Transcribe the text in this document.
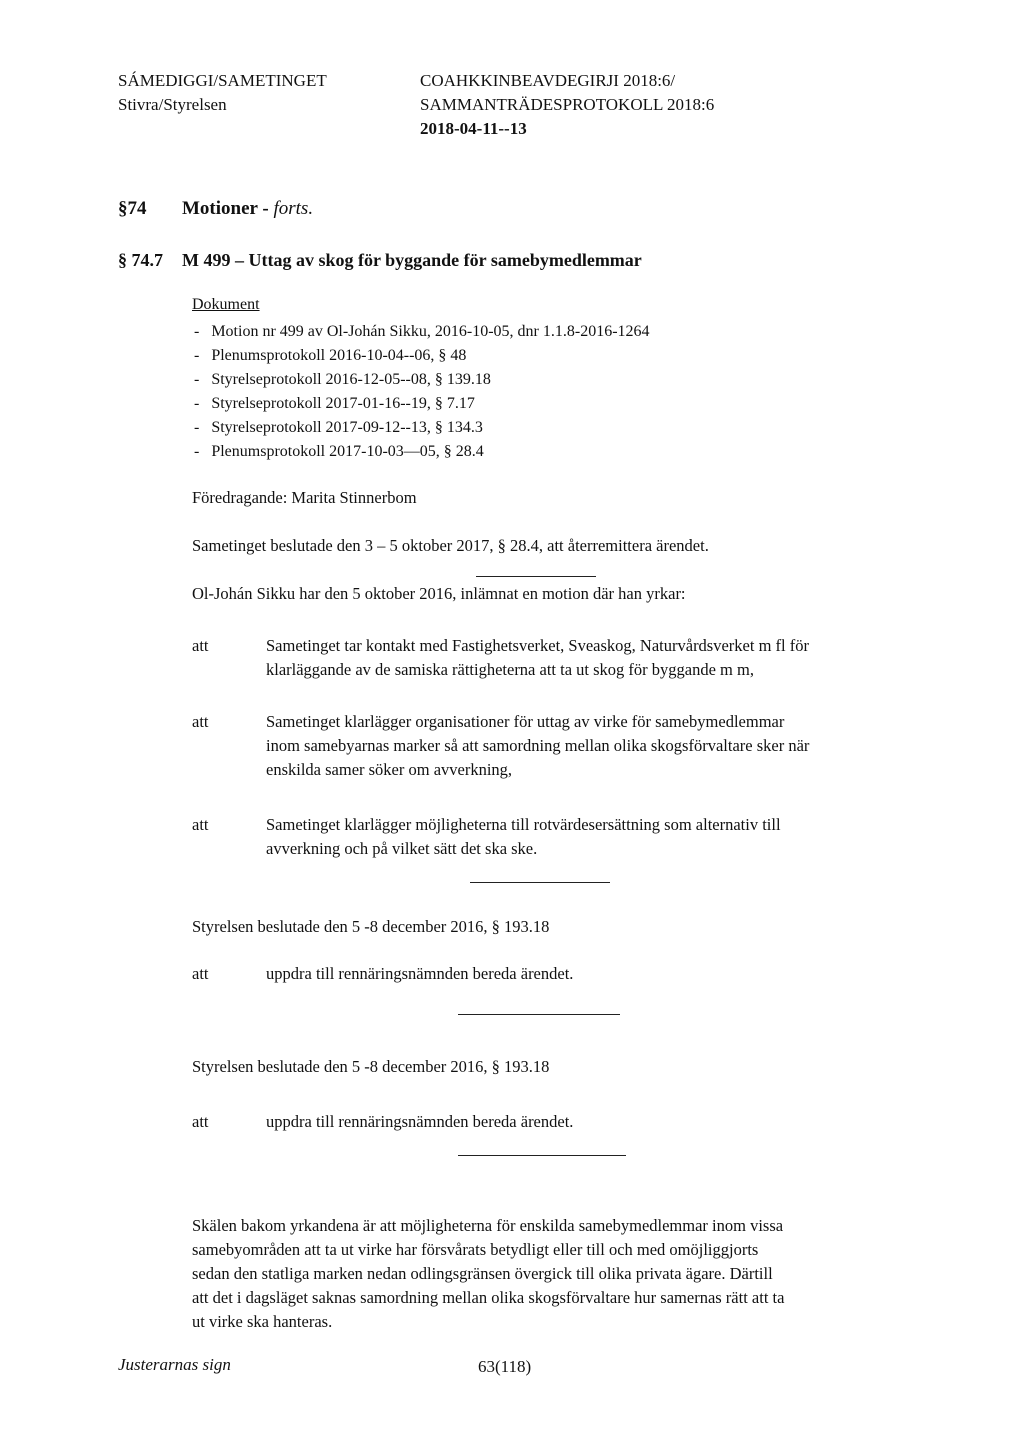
SÁMEDIGGI/SAMETINGET
Stivra/Styrelsen
COAHKKINBEAVDEGIRJI 2018:6/
SAMMANTRÄDESPROTOKOLL 2018:6
2018-04-11--13
§74 Motioner - forts.
§ 74.7 M 499 – Uttag av skog för byggande för samebymedlemmar
Dokument
-   Motion nr 499 av Ol-Johán Sikku, 2016-10-05, dnr 1.1.8-2016-1264
-   Plenumsprotokoll 2016-10-04--06, § 48
-   Styrelseprotokoll 2016-12-05--08, § 139.18
-   Styrelseprotokoll 2017-01-16--19, § 7.17
-   Styrelseprotokoll 2017-09-12--13, § 134.3
-   Plenumsprotokoll 2017-10-03—05, § 28.4
Föredragande: Marita Stinnerbom
Sametinget beslutade den 3 – 5 oktober 2017, § 28.4, att återremittera ärendet.
Ol-Johán Sikku har den 5 oktober 2016, inlämnat en motion där han yrkar:
att	Sametinget tar kontakt med Fastighetsverket, Sveaskog, Naturvårdsverket m fl för
klarläggande av de samiska rättigheterna att ta ut skog för byggande m m,
att	Sametinget klarlägger organisationer för uttag av virke för samebymedlemmar
inom samebyarnas marker så att samordning mellan olika skogsförvaltare sker när
enskilda samer söker om avverkning,
att	Sametinget klarlägger möjligheterna till rotvärdesersättning som alternativ till
avverkning och på vilket sätt det ska ske.
Styrelsen beslutade den 5 -8 december 2016, § 193.18
att	uppdra till rennäringsnämnden bereda ärendet.
Styrelsen beslutade den 5 -8 december 2016, § 193.18
att	uppdra till rennäringsnämnden bereda ärendet.
Skälen bakom yrkandena är att möjligheterna för enskilda samebymedlemmar inom vissa
samebyområden att ta ut virke har försvårats betydligt eller till och med omöjliggjorts
sedan den statliga marken nedan odlingsgränsen övergick till olika privata ägare. Därtill
att det i dagsläget saknas samordning mellan olika skogsförvaltare hur samernas rätt att ta
ut virke ska hanteras.
Justerarnas sign	63(118)
